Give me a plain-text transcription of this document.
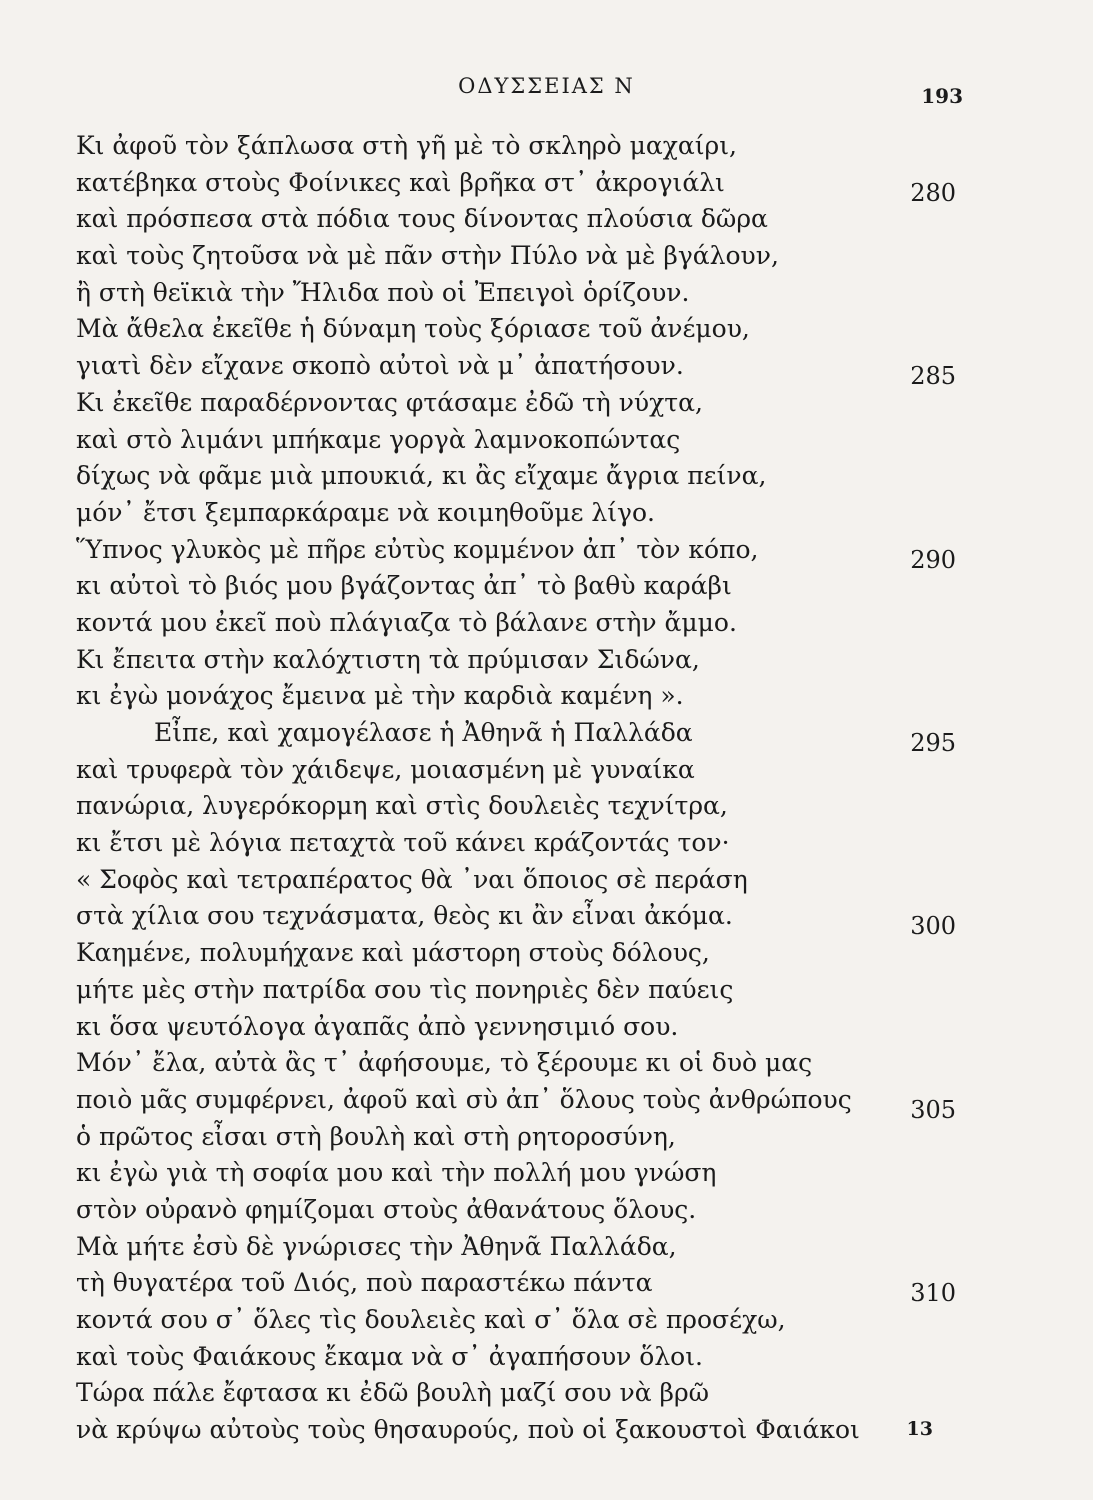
ΟΔΥΣΣΕΙΑΣ Ν	193
Κι ἀφοῦ τὸν ξάπλωσα στὴ γῆ μὲ τὸ σκληρὸ μαχαίρι,
κατέβηκα στοὺς Φοίνικες καὶ βρῆκα στ᾿ ἀκρογιάλι	280
καὶ πρόσπεσα στὰ πόδια τους δίνοντας πλούσια δῶρα
καὶ τοὺς ζητοῦσα νὰ μὲ πᾶν στὴν Πύλο νὰ μὲ βγάλουν,
ἢ στὴ θεϊκιὰ τὴν Ἤλιδα ποὺ οἱ Ἐπειγοὶ ὁρίζουν.
Μὰ ἄθελα ἐκεῖθε ἡ δύναμη τοὺς ξόριασε τοῦ ἀνέμου,
γιατὶ δὲν εἴχανε σκοπὸ αὐτοὶ νὰ μ᾿ ἀπατήσουν.	285
Κι ἐκεῖθε παραδέρνοντας φτάσαμε ἐδῶ τὴ νύχτα,
καὶ στὸ λιμάνι μπήκαμε γοργὰ λαμνοκοπώντας
δίχως νὰ φᾶμε μιὰ μπουκιά, κι ἂς εἴχαμε ἄγρια πείνα,
μόν᾿ ἔτσι ξεμπαρκάραμε νὰ κοιμηθοῦμε λίγο.
Ὕπνος γλυκὸς μὲ πῆρε εὐτὺς κομμένον ἀπ᾿ τὸν κόπο,	290
κι αὐτοὶ τὸ βιός μου βγάζοντας ἀπ᾿ τὸ βαθὺ καράβι
κοντά μου ἐκεῖ ποὺ πλάγιαζα τὸ βάλανε στὴν ἄμμο.
Κι ἔπειτα στὴν καλόχτιστη τὰ πρύμισαν Σιδώνα,
κι ἐγὼ μονάχος ἔμεινα μὲ τὴν καρδιὰ καμένη ».
Εἶπε, καὶ χαμογέλασε ἡ Ἀθηνᾶ ἡ Παλλάδα	295
καὶ τρυφερὰ τὸν χάιδεψε, μοιασμένη μὲ γυναίκα
πανώρια, λυγερόκορμη καὶ στὶς δουλειὲς τεχνίτρα,
κι ἔτσι μὲ λόγια πεταχτὰ τοῦ κάνει κράζοντάς τον·
« Σοφὸς καὶ τετραπέρατος θὰ ᾿ναι ὅποιος σὲ περάση
στὰ χίλια σου τεχνάσματα, θεὸς κι ἂν εἶναι ἀκόμα.	300
Καημένε, πολυμήχανε καὶ μάστορη στοὺς δόλους,
μήτε μὲς στὴν πατρίδα σου τὶς πονηριὲς δὲν παύεις
κι ὅσα ψευτόλογα ἀγαπᾶς ἀπὸ γεννησιμιό σου.
Μόν᾿ ἔλα, αὐτὰ ἂς τ᾿ ἀφήσουμε, τὸ ξέρουμε κι οἱ δυὸ μας
ποιὸ μᾶς συμφέρνει, ἀφοῦ καὶ σὺ ἀπ᾿ ὅλους τοὺς ἀνθρώπους 305
ὁ πρῶτος εἶσαι στὴ βουλὴ καὶ στὴ ρητοροσύνη,
κι ἐγὼ γιὰ τὴ σοφία μου καὶ τὴν πολλή μου γνώση
στὸν οὐρανὸ φημίζομαι στοὺς ἀθανάτους ὅλους.
Μὰ μήτε ἐσὺ δὲ γνώρισες τὴν Ἀθηνᾶ Παλλάδα,
τὴ θυγατέρα τοῦ Διός, ποὺ παραστέκω πάντα	310
κοντά σου σ᾿ ὅλες τὶς δουλειὲς καὶ σ᾿ ὅλα σὲ προσέχω,
καὶ τοὺς Φαιάκους ἔκαμα νὰ σ᾿ ἀγαπήσουν ὅλοι.
Τώρα πάλε ἔφτασα κι ἐδῶ βουλὴ μαζί σου νὰ βρῶ
νὰ κρύψω αὐτοὺς τοὺς θησαυρούς, ποὺ οἱ ξακουστοὶ Φαιάκοι	13
